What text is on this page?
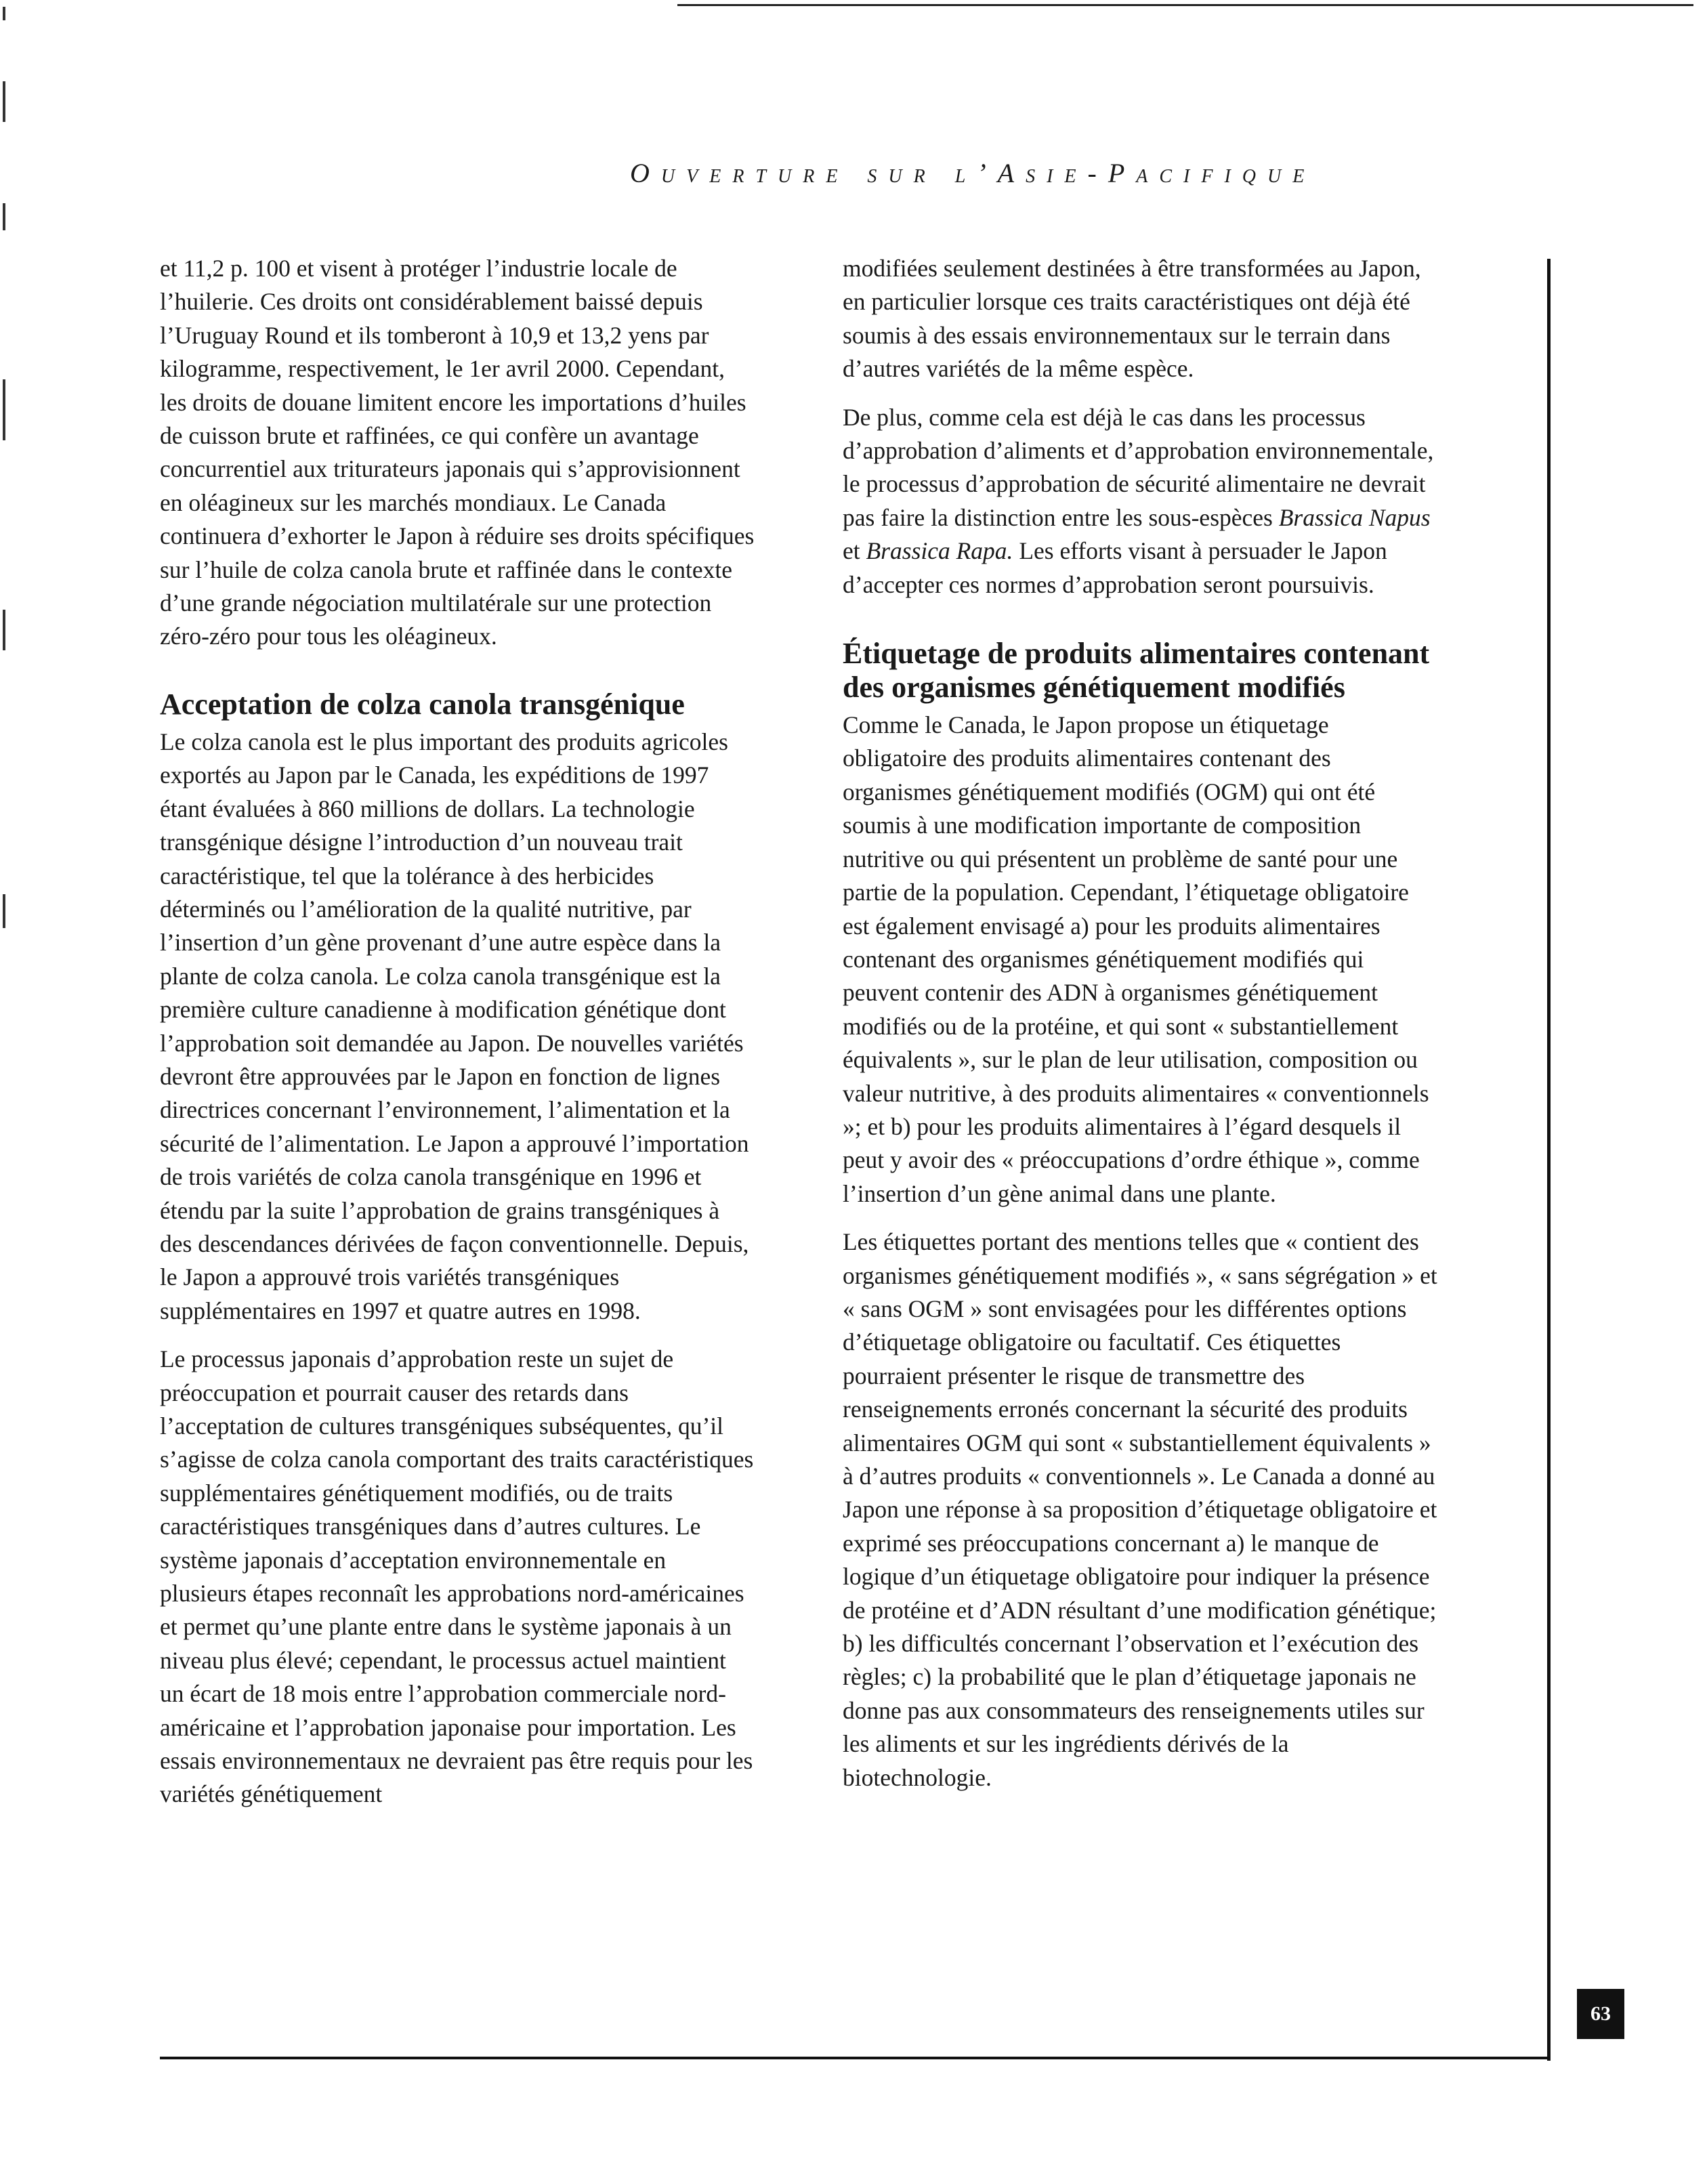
Ouverture sur l’Asie-Pacifique

et 11,2 p. 100 et visent à protéger l’industrie locale de l’huilerie. Ces droits ont considérablement baissé depuis l’Uruguay Round et ils tomberont à 10,9 et 13,2 yens par kilogramme, respectivement, le 1er avril 2000. Cependant, les droits de douane limitent encore les importations d’huiles de cuisson brute et raffinées, ce qui confère un avantage concurrentiel aux triturateurs japonais qui s’approvisionnent en oléagineux sur les marchés mondiaux. Le Canada continuera d’exhorter le Japon à réduire ses droits spécifiques sur l’huile de colza canola brute et raffinée dans le contexte d’une grande négociation multilatérale sur une protection zéro-zéro pour tous les oléagineux.

Acceptation de colza canola transgénique

Le colza canola est le plus important des produits agricoles exportés au Japon par le Canada, les expéditions de 1997 étant évaluées à 860 millions de dollars. La technologie transgénique désigne l’introduction d’un nouveau trait caractéristique, tel que la tolérance à des herbicides déterminés ou l’amélioration de la qualité nutritive, par l’insertion d’un gène provenant d’une autre espèce dans la plante de colza canola. Le colza canola transgénique est la première culture canadienne à modification génétique dont l’approbation soit demandée au Japon. De nouvelles variétés devront être approuvées par le Japon en fonction de lignes directrices concernant l’environnement, l’alimentation et la sécurité de l’alimentation. Le Japon a approuvé l’importation de trois variétés de colza canola transgénique en 1996 et étendu par la suite l’approbation de grains transgéniques à des descendances dérivées de façon conventionnelle. Depuis, le Japon a approuvé trois variétés transgéniques supplémentaires en 1997 et quatre autres en 1998.

Le processus japonais d’approbation reste un sujet de préoccupation et pourrait causer des retards dans l’acceptation de cultures transgéniques subséquentes, qu’il s’agisse de colza canola comportant des traits caractéristiques supplémentaires génétiquement modifiés, ou de traits caractéristiques transgéniques dans d’autres cultures. Le système japonais d’acceptation environnementale en plusieurs étapes reconnaît les approbations nord-américaines et permet qu’une plante entre dans le système japonais à un niveau plus élevé; cependant, le processus actuel maintient un écart de 18 mois entre l’approbation commerciale nord-américaine et l’approbation japonaise pour importation. Les essais environnementaux ne devraient pas être requis pour les variétés génétiquement

modifiées seulement destinées à être transformées au Japon, en particulier lorsque ces traits caractéristiques ont déjà été soumis à des essais environnementaux sur le terrain dans d’autres variétés de la même espèce.

De plus, comme cela est déjà le cas dans les processus d’approbation d’aliments et d’approbation environnementale, le processus d’approbation de sécurité alimentaire ne devrait pas faire la distinction entre les sous-espèces Brassica Napus et Brassica Rapa. Les efforts visant à persuader le Japon d’accepter ces normes d’approbation seront poursuivis.

Étiquetage de produits alimentaires contenant des organismes génétiquement modifiés

Comme le Canada, le Japon propose un étiquetage obligatoire des produits alimentaires contenant des organismes génétiquement modifiés (OGM) qui ont été soumis à une modification importante de composition nutritive ou qui présentent un problème de santé pour une partie de la population. Cependant, l’étiquetage obligatoire est également envisagé a) pour les produits alimentaires contenant des organismes génétiquement modifiés qui peuvent contenir des ADN à organismes génétiquement modifiés ou de la protéine, et qui sont « substantiellement équivalents », sur le plan de leur utilisation, composition ou valeur nutritive, à des produits alimentaires « conventionnels »; et b) pour les produits alimentaires à l’égard desquels il peut y avoir des « préoccupations d’ordre éthique », comme l’insertion d’un gène animal dans une plante.

Les étiquettes portant des mentions telles que « contient des organismes génétiquement modifiés », « sans ségrégation » et « sans OGM » sont envisagées pour les différentes options d’étiquetage obligatoire ou facultatif. Ces étiquettes pourraient présenter le risque de transmettre des renseignements erronés concernant la sécurité des produits alimentaires OGM qui sont « substantiellement équivalents » à d’autres produits « conventionnels ». Le Canada a donné au Japon une réponse à sa proposition d’étiquetage obligatoire et exprimé ses préoccupations concernant a) le manque de logique d’un étiquetage obligatoire pour indiquer la présence de protéine et d’ADN résultant d’une modification génétique; b) les difficultés concernant l’observation et l’exécution des règles; c) la probabilité que le plan d’étiquetage japonais ne donne pas aux consommateurs des renseignements utiles sur les aliments et sur les ingrédients dérivés de la biotechnologie.

63
